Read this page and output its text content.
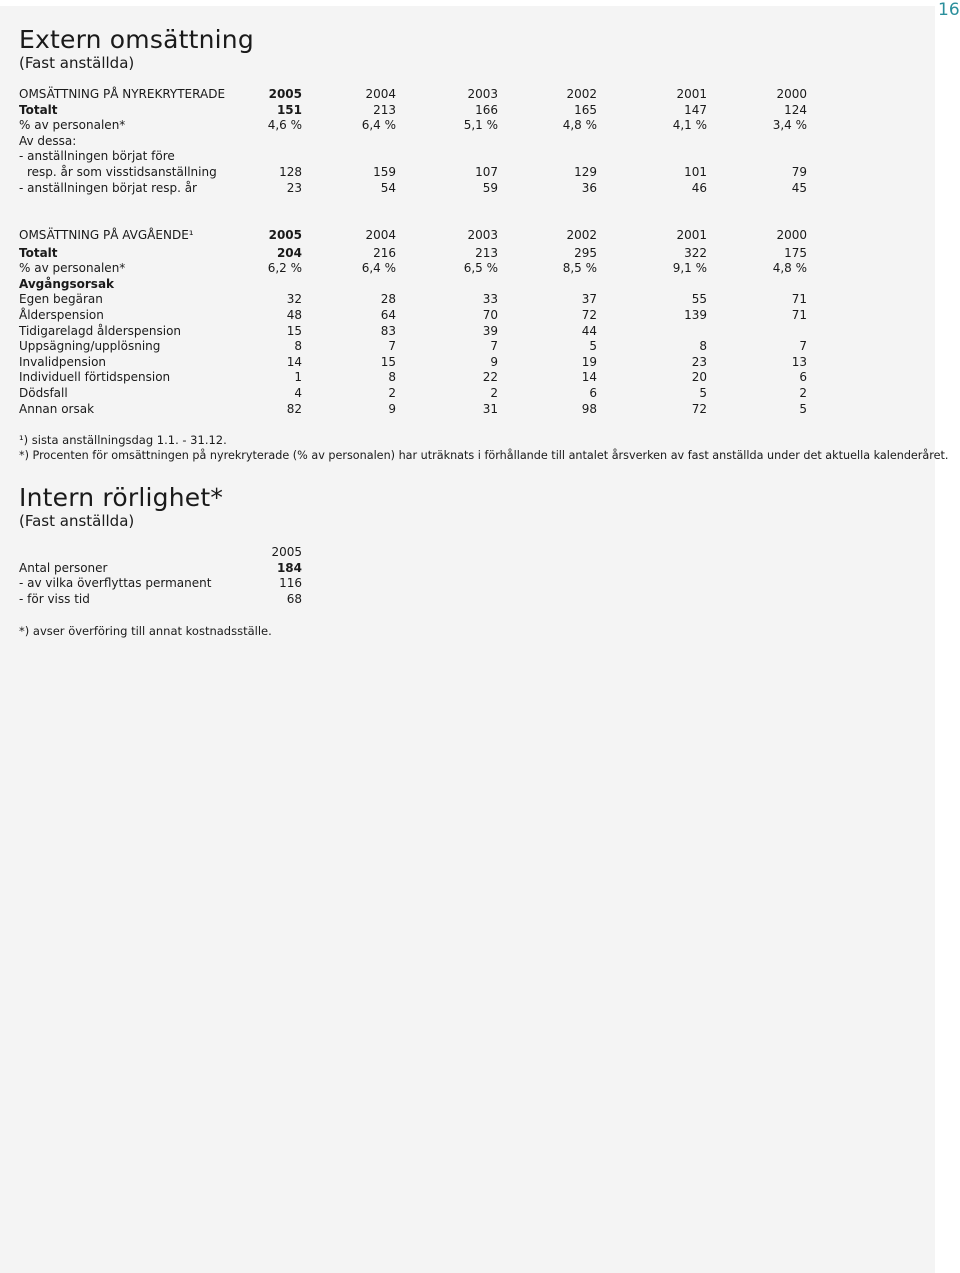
16
Extern omsättning
(Fast anställda)
OMSÄTTNING PÅ NYREKRYTERADE	2005	2004	2003	2002	2001	2000
Totalt	151	213	166	165	147	124
% av personalen*	4,6 %	6,4 %	5,1 %	4,8 %	4,1 %	3,4 %
Av dessa:
- anställningen börjat före
resp. år som visstidsanställning	128	159	107	129	101	79
- anställningen börjat resp. år	23	54	59	36	46	45
OMSÄTTNING PÅ AVGÅENDE¹	2005	2004	2003	2002	2001	2000
Totalt	204	216	213	295	322	175
% av personalen*	6,2 %	6,4 %	6,5 %	8,5 %	9,1 %	4,8 %
Avgångsorsak
Egen begäran	32	28	33	37	55	71
Ålderspension	48	64	70	72	139	71
Tidigarelagd ålderspension	15	83	39	44
Uppsägning/upplösning	8	7	7	5	8	7
Invalidpension	14	15	9	19	23	13
Individuell förtidspension	1	8	22	14	20	6
Dödsfall	4	2	2	6	5	2
Annan orsak	82	9	31	98	72	5
¹) sista anställningsdag 1.1. - 31.12.
*) Procenten för omsättningen på nyrekryterade (% av personalen) har uträknats i förhållande till antalet årsverken av fast anställda under det aktuella kalenderåret.
Intern rörlighet*
(Fast anställda)
2005
Antal personer	184
- av vilka överflyttas permanent	116
- för viss tid	68
*) avser överföring till annat kostnadsställe.
